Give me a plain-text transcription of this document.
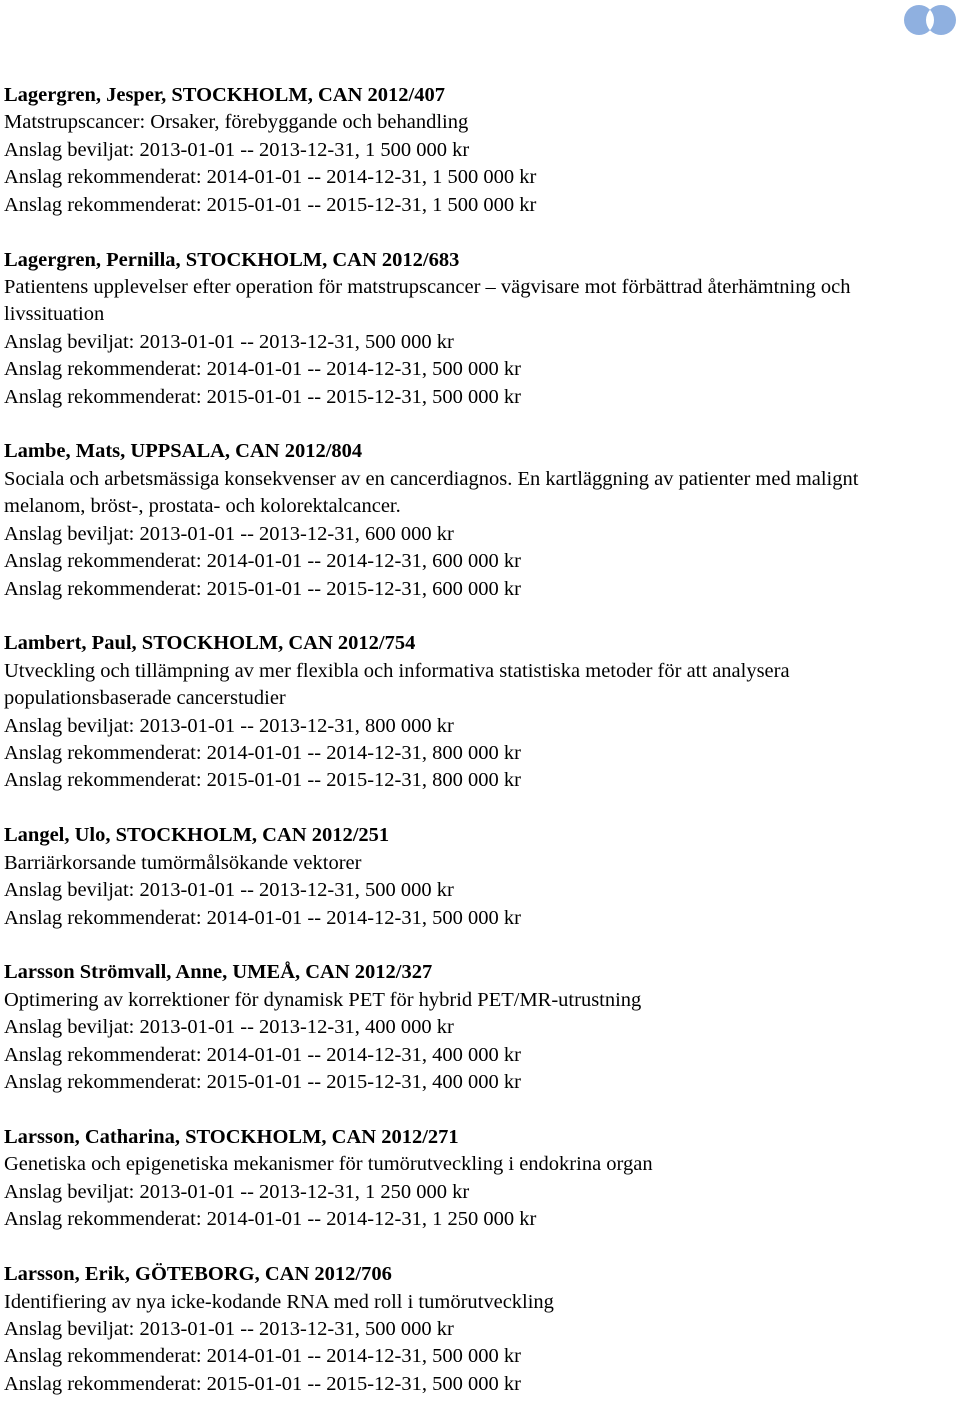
Lagergren, Jesper, STOCKHOLM, CAN 2012/407
Matstrupscancer: Orsaker, förebyggande och behandling
Anslag beviljat: 2013-01-01 -- 2013-12-31, 1 500 000 kr
Anslag rekommenderat: 2014-01-01 -- 2014-12-31, 1 500 000 kr
Anslag rekommenderat: 2015-01-01 -- 2015-12-31, 1 500 000 kr
Lagergren, Pernilla, STOCKHOLM, CAN 2012/683
Patientens upplevelser efter operation för matstrupscancer – vägvisare mot förbättrad återhämtning och livssituation
Anslag beviljat: 2013-01-01 -- 2013-12-31, 500 000 kr
Anslag rekommenderat: 2014-01-01 -- 2014-12-31, 500 000 kr
Anslag rekommenderat: 2015-01-01 -- 2015-12-31, 500 000 kr
Lambe, Mats, UPPSALA, CAN 2012/804
Sociala och arbetsmässiga konsekvenser av en cancerdiagnos. En kartläggning av patienter med malignt melanom, bröst-, prostata- och kolorektalcancer.
Anslag beviljat: 2013-01-01 -- 2013-12-31, 600 000 kr
Anslag rekommenderat: 2014-01-01 -- 2014-12-31, 600 000 kr
Anslag rekommenderat: 2015-01-01 -- 2015-12-31, 600 000 kr
Lambert, Paul, STOCKHOLM, CAN 2012/754
Utveckling och tillämpning av mer flexibla och informativa statistiska metoder för att analysera populationsbaserade cancerstudier
Anslag beviljat: 2013-01-01 -- 2013-12-31, 800 000 kr
Anslag rekommenderat: 2014-01-01 -- 2014-12-31, 800 000 kr
Anslag rekommenderat: 2015-01-01 -- 2015-12-31, 800 000 kr
Langel, Ulo, STOCKHOLM, CAN 2012/251
Barriärkorsande tumörmålsökande vektorer
Anslag beviljat: 2013-01-01 -- 2013-12-31, 500 000 kr
Anslag rekommenderat: 2014-01-01 -- 2014-12-31, 500 000 kr
Larsson Strömvall, Anne, UMEÅ, CAN 2012/327
Optimering av korrektioner för dynamisk PET för hybrid PET/MR-utrustning
Anslag beviljat: 2013-01-01 -- 2013-12-31, 400 000 kr
Anslag rekommenderat: 2014-01-01 -- 2014-12-31, 400 000 kr
Anslag rekommenderat: 2015-01-01 -- 2015-12-31, 400 000 kr
Larsson, Catharina, STOCKHOLM, CAN 2012/271
Genetiska och epigenetiska mekanismer för tumörutveckling i endokrina organ
Anslag beviljat: 2013-01-01 -- 2013-12-31, 1 250 000 kr
Anslag rekommenderat: 2014-01-01 -- 2014-12-31, 1 250 000 kr
Larsson, Erik, GÖTEBORG, CAN 2012/706
Identifiering av nya icke-kodande RNA med roll i tumörutveckling
Anslag beviljat: 2013-01-01 -- 2013-12-31, 500 000 kr
Anslag rekommenderat: 2014-01-01 -- 2014-12-31, 500 000 kr
Anslag rekommenderat: 2015-01-01 -- 2015-12-31, 500 000 kr
